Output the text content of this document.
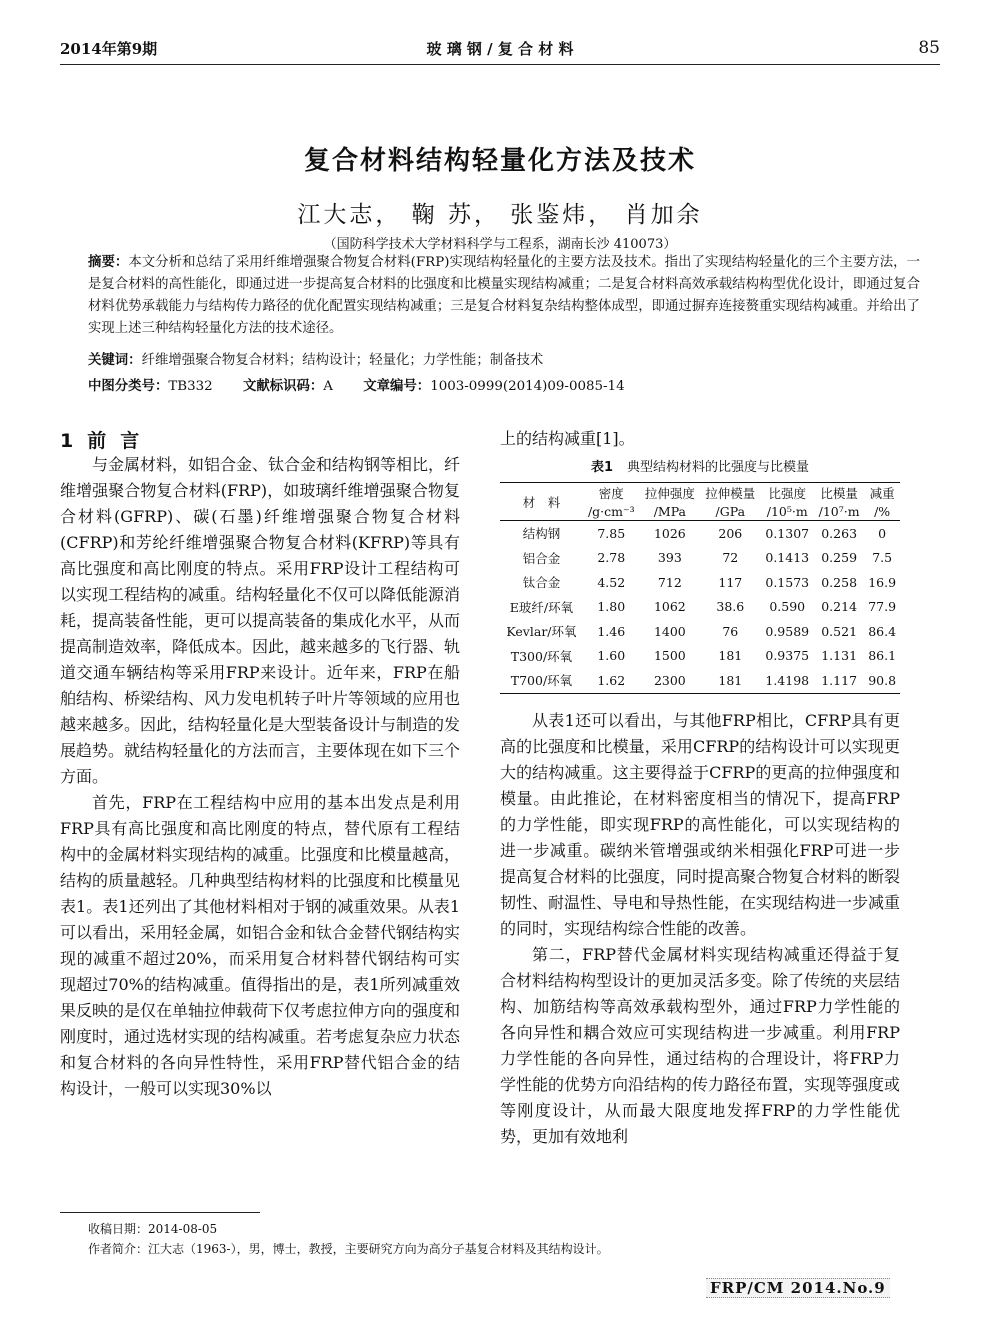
2014年第9期	玻 璃 钢 / 复 合 材 料	85
复合材料结构轻量化方法及技术
江大志， 鞠 苏， 张鉴炜， 肖加余
（国防科学技术大学材料科学与工程系，湖南长沙 410073）
摘要：本文分析和总结了采用纤维增强聚合物复合材料(FRP)实现结构轻量化的主要方法及技术。指出了实现结构轻量化的三个主要方法，一是复合材料的高性能化，即通过进一步提高复合材料的比强度和比模量实现结构减重；二是复合材料高效承载结构构型优化设计，即通过复合材料优势承载能力与结构传力路径的优化配置实现结构减重；三是复合材料复杂结构整体成型，即通过摒弃连接赘重实现结构减重。并给出了实现上述三种结构轻量化方法的技术途径。
关键词：纤维增强聚合物复合材料；结构设计；轻量化；力学性能；制备技术
中图分类号：TB332 文献标识码：A 文章编号：1003-0999(2014)09-0085-14
1前言

与金属材料，如铝合金、钛合金和结构钢等相比，纤维增强聚合物复合材料(FRP)，如玻璃纤维增强聚合物复合材料(GFRP)、碳(石墨)纤维增强聚合物复合材料(CFRP)和芳纶纤维增强聚合物复合材料(KFRP)等具有高比强度和高比刚度的特点。采用FRP设计工程结构可以实现工程结构的减重。结构轻量化不仅可以降低能源消耗，提高装备性能，更可以提高装备的集成化水平，从而提高制造效率，降低成本。因此，越来越多的飞行器、轨道交通车辆结构等采用FRP来设计。近年来，FRP在船舶结构、桥梁结构、风力发电机转子叶片等领域的应用也越来越多。因此，结构轻量化是大型装备设计与制造的发展趋势。就结构轻量化的方法而言，主要体现在如下三个方面。

首先，FRP在工程结构中应用的基本出发点是利用FRP具有高比强度和高比刚度的特点，替代原有工程结构中的金属材料实现结构的减重。比强度和比模量越高，结构的质量越轻。几种典型结构材料的比强度和比模量见表1。表1还列出了其他材料相对于钢的减重效果。从表1可以看出，采用轻金属，如铝合金和钛合金替代钢结构实现的减重不超过20%，而采用复合材料替代钢结构可实现超过70%的结构减重。值得指出的是，表1所列减重效果反映的是仅在单轴拉伸载荷下仅考虑拉伸方向的强度和刚度时，通过选材实现的结构减重。若考虑复杂应力状态和复合材料的各向异性特性，采用FRP替代铝合金的结构设计，一般可以实现30%以

上的结构减重[1]。
表1 典型结构材料的比强度与比模量
材　料	密度	拉伸强度	拉伸模量	比强度	比模量	减重
	/g·cm⁻³	/MPa	/GPa	/10⁵·m	/10⁷·m	/%
结构钢	7.85	1026	206	0.1307	0.263	0
铝合金	2.78	393	72	0.1413	0.259	7.5
钛合金	4.52	712	117	0.1573	0.258	16.9
E玻纤/环氧	1.80	1062	38.6	0.590	0.214	77.9
Kevlar/环氧	1.46	1400	76	0.9589	0.521	86.4
T300/环氧	1.60	1500	181	0.9375	1.131	86.1
T700/环氧	1.62	2300	181	1.4198	1.117	90.8

从表1还可以看出，与其他FRP相比，CFRP具有更高的比强度和比模量，采用CFRP的结构设计可以实现更大的结构减重。这主要得益于CFRP的更高的拉伸强度和模量。由此推论，在材料密度相当的情况下，提高FRP的力学性能，即实现FRP的高性能化，可以实现结构的进一步减重。碳纳米管增强或纳米相强化FRP可进一步提高复合材料的比强度，同时提高聚合物复合材料的断裂韧性、耐温性、导电和导热性能，在实现结构进一步减重的同时，实现结构综合性能的改善。

第二，FRP替代金属材料实现结构减重还得益于复合材料结构构型设计的更加灵活多变。除了传统的夹层结构、加筋结构等高效承载构型外，通过FRP力学性能的各向异性和耦合效应可实现结构进一步减重。利用FRP力学性能的各向异性，通过结构的合理设计，将FRP力学性能的优势方向沿结构的传力路径布置，实现等强度或等刚度设计，从而最大限度地发挥FRP的力学性能优势，更加有效地利

收稿日期：2014-08-05
作者简介：江大志（1963-），男，博士，教授，主要研究方向为高分子基复合材料及其结构设计。
FRP/CM 2014.No.9
